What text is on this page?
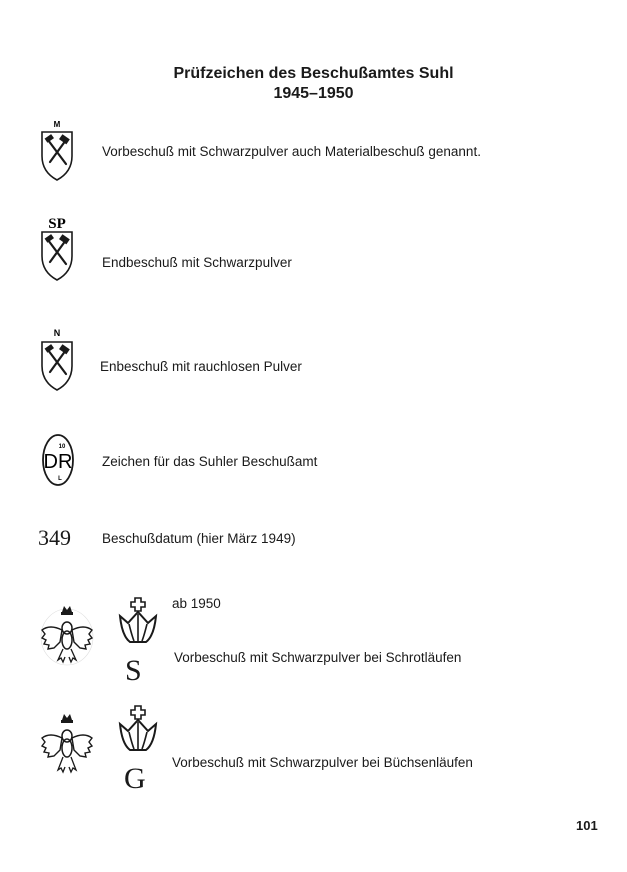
Prüfzeichen des Beschußamtes Suhl
1945–1950
M
Vorbeschuß mit Schwarzpulver auch Materialbeschuß genannt.
SP
Endbeschuß mit Schwarzpulver
N
Enbeschuß mit rauchlosen Pulver
10
DR
L
Zeichen für das Suhler Beschußamt
349 Beschußdatum (hier März 1949)
ab 1950
S Vorbeschuß mit Schwarzpulver bei Schrotläufen
G Vorbeschuß mit Schwarzpulver bei Büchsenläufen
101
